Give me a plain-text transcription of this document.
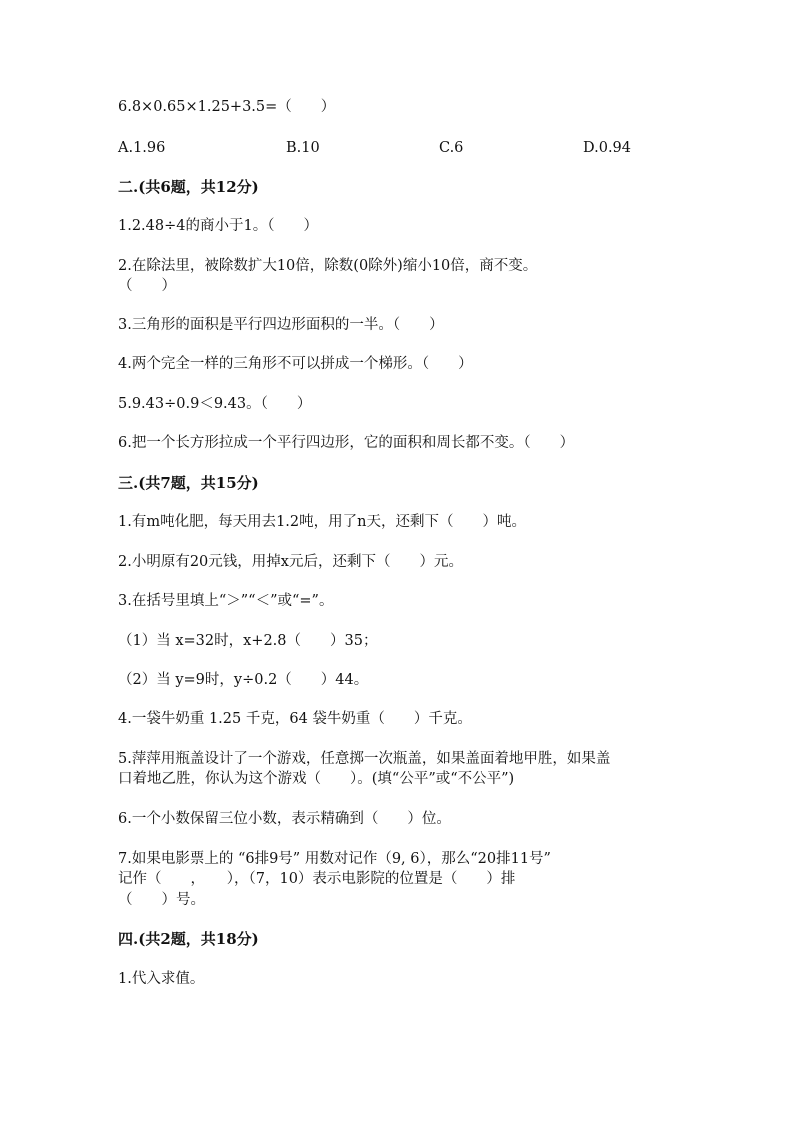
6.8×0.65×1.25+3.5=（　　）
A.1.96	B.10	C.6	D.0.94
二.(共6题，共12分)
1.2.48÷4的商小于1。（　　）
2.在除法里，被除数扩大10倍，除数(0除外)缩小10倍，商不变。
（　　）
3.三角形的面积是平行四边形面积的一半。（　　）
4.两个完全一样的三角形不可以拼成一个梯形。（　　）
5.9.43÷0.9＜9.43。（　　）
6.把一个长方形拉成一个平行四边形，它的面积和周长都不变。（　　）
三.(共7题，共15分)
1.有m吨化肥，每天用去1.2吨，用了n天，还剩下（　　）吨。
2.小明原有20元钱，用掉x元后，还剩下（　　）元。
3.在括号里填上“＞”“＜”或“=”。
（1）当 x=32时，x+2.8（　　）35；
（2）当 y=9时，y÷0.2（　　）44。
4.一袋牛奶重 1.25 千克，64 袋牛奶重（　　）千克。
5.萍萍用瓶盖设计了一个游戏，任意掷一次瓶盖，如果盖面着地甲胜，如果盖
口着地乙胜，你认为这个游戏（　　）。(填“公平”或“不公平”)
6.一个小数保留三位小数，表示精确到（　　）位。
7.如果电影票上的 “6排9号” 用数对记作（9, 6），那么“20排11号”
记作（　　，　　），（7，10）表示电影院的位置是（　　）排
（　　）号。
四.(共2题，共18分)
1.代入求值。
